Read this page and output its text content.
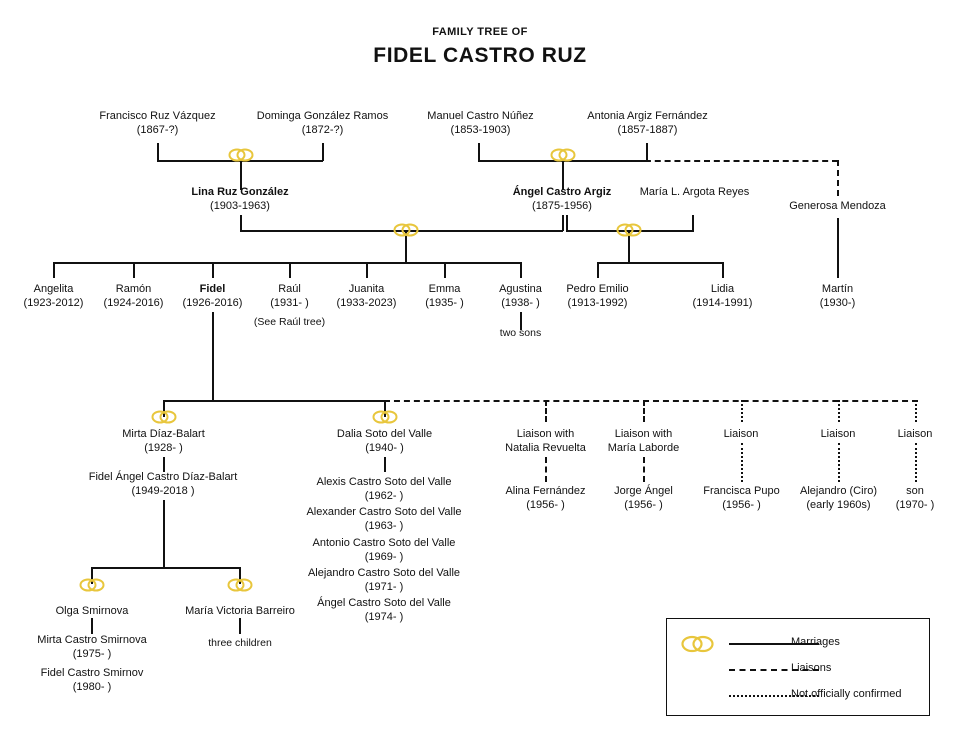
FAMILY TREE OF
FIDEL CASTRO RUZ
Francisco Ruz Vázquez
(1867-?)
Dominga González Ramos
(1872-?)
Manuel Castro Núñez
(1853-1903)
Antonia Argiz Fernández
(1857-1887)
Lina Ruz González
(1903-1963)
Ángel Castro Argiz
(1875-1956)
María L. Argota Reyes
Generosa Mendoza
Angelita
(1923-2012)
Ramón
(1924-2016)
Fidel
(1926-2016)
Raúl
(1931- )
(See Raúl tree)
Juanita
(1933-2023)
Emma
(1935- )
Agustina
(1938- )
two sons
Pedro Emilio
(1913-1992)
Lidia
(1914-1991)
Martín
(1930-)
Mirta Díaz-Balart
(1928- )
Dalia Soto del Valle
(1940- )
Fidel Ángel Castro Díaz-Balart
(1949-2018 )
Alexis Castro Soto del Valle
(1962- )
Alexander Castro Soto del Valle
(1963- )
Antonio Castro Soto del Valle
(1969- )
Alejandro Castro Soto del Valle
(1971- )
Ángel Castro Soto del Valle
(1974- )
Liaison with
Natalia Revuelta
Liaison with
María Laborde
Liaison	Liaison	Liaison
Alina Fernández
(1956- )
Jorge Ángel
(1956- )
Francisca Pupo
(1956- )
Alejandro (Ciro)
(early 1960s)
son
(1970- )
Olga Smirnova	María Victoria Barreiro
Mirta Castro Smirnova
(1975- )
Fidel Castro Smirnov
(1980- )
three children	Marriages
Liaisons
Not officially confirmed
